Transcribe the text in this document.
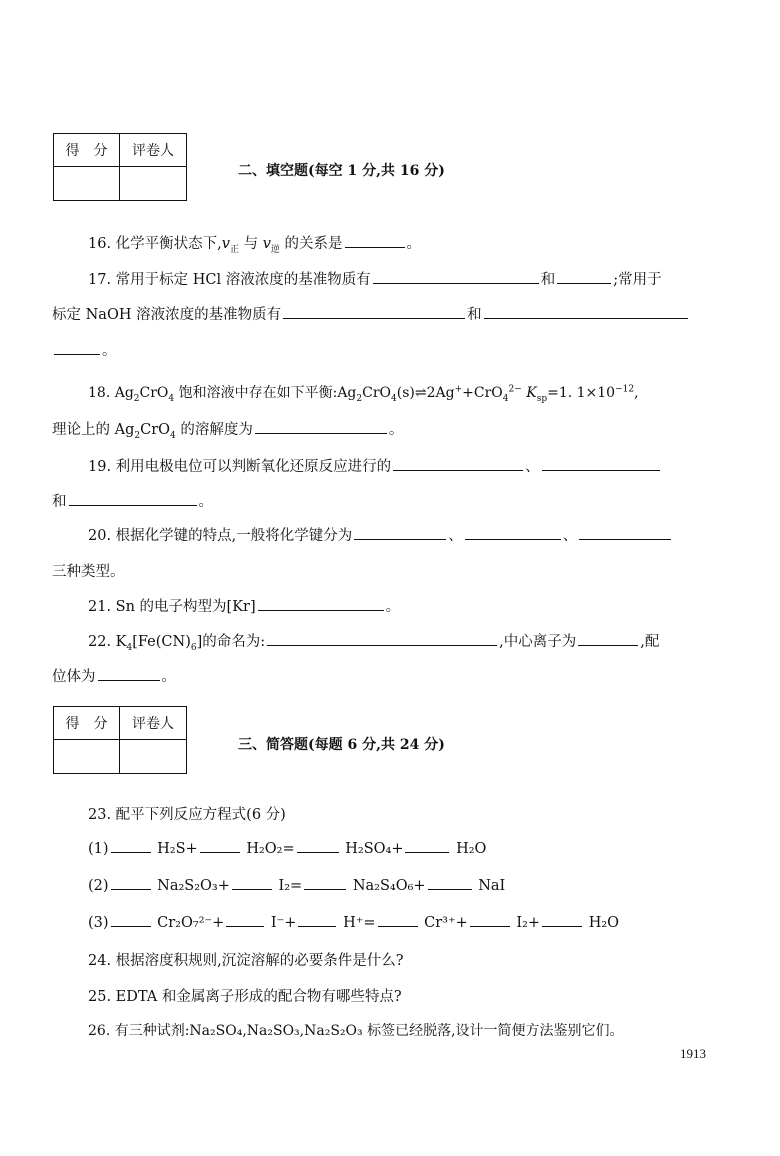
得　分	评卷人

二、填空题(每空 1 分,共 16 分)
16. 化学平衡状态下$,v_正$ 与 $v_逆$ 的关系是	。
17. 常用于标定 HCl 溶液浓度的基准物质有	和	;常用于
标定 NaOH 溶液浓度的基准物质有	和
。
18. $Ag_2CrO_4$ 饱和溶液中存在如下平衡$:Ag_2CrO_4(s)\rightleftharpoons 2Ag^++CrO_4^{2-}$ $K_{sp}=1$. $1\times 10^{-12}$,
理论上的 $Ag_2CrO_4$ 的溶解度为	。
19. 利用电极电位可以判断氧化还原反应进行的	、
和	。
20. 根据化学键的特点,一般将化学键分为	、	、
三种类型。
21. Sn 的电子构型为[Kr]	。
22. $K_4[Fe(CN)_6]$的命名为:	,中心离子为	,配
位体为	。
得　分	评卷人

三、简答题(每题 6 分,共 24 分)
23. 配平下列反应方程式(6 分)
(1)	H₂S+	H₂O₂=	H₂SO₄+	H₂O
(2)	Na₂S₂O₃+	I₂=	Na₂S₄O₆+	NaI
(3)	Cr₂O₇²⁻+	I⁻+	H⁺=	Cr³⁺+	I₂+	H₂O
24. 根据溶度积规则,沉淀溶解的必要条件是什么?
25. EDTA 和金属离子形成的配合物有哪些特点?
26. 有三种试剂:Na₂SO₄,Na₂SO₃,Na₂S₂O₃ 标签已经脱落,设计一简便方法鉴别它们。
1913
